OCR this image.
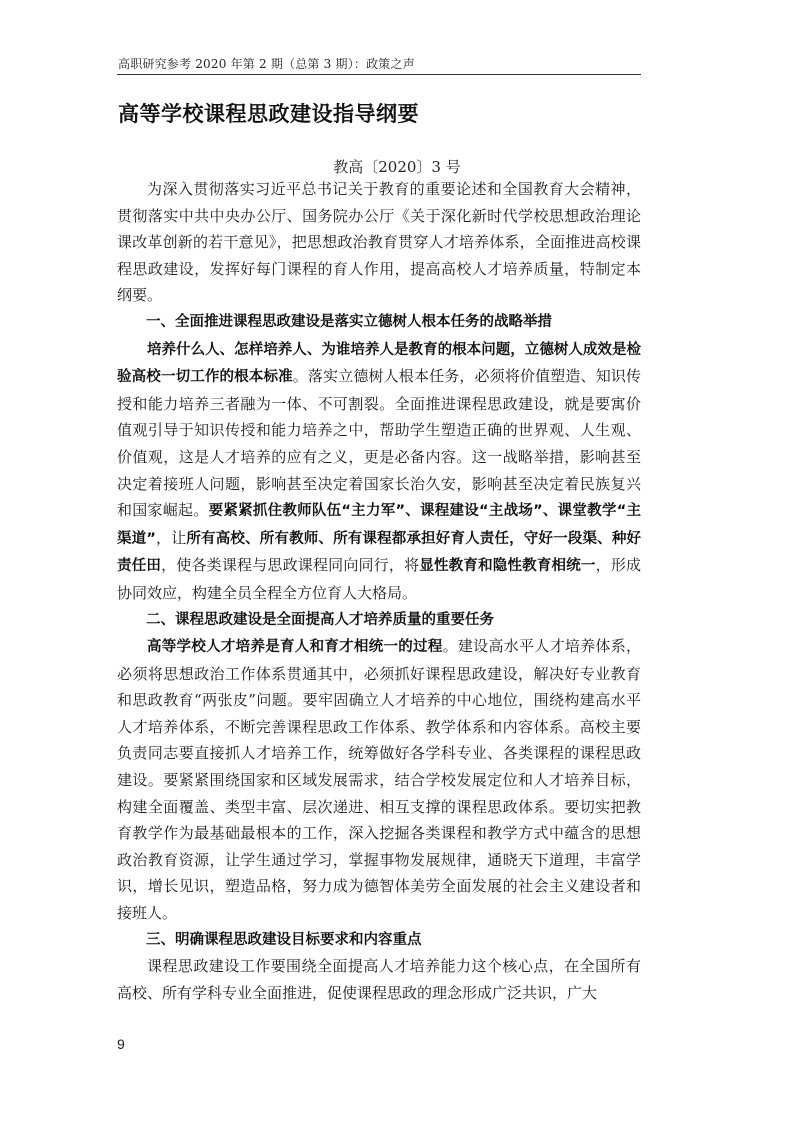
高职研究参考 2020 年第 2 期（总第 3 期）：政策之声
高等学校课程思政建设指导纲要
教高〔2020〕3 号

为深入贯彻落实习近平总书记关于教育的重要论述和全国教育大会精神，贯彻落实中共中央办公厅、国务院办公厅《关于深化新时代学校思想政治理论课改革创新的若干意见》，把思想政治教育贯穿人才培养体系，全面推进高校课程思政建设，发挥好每门课程的育人作用，提高高校人才培养质量，特制定本纲要。

一、全面推进课程思政建设是落实立德树人根本任务的战略举措

培养什么人、怎样培养人、为谁培养人是教育的根本问题，立德树人成效是检验高校一切工作的根本标准。落实立德树人根本任务，必须将价值塑造、知识传授和能力培养三者融为一体、不可割裂。全面推进课程思政建设，就是要寓价值观引导于知识传授和能力培养之中，帮助学生塑造正确的世界观、人生观、价值观，这是人才培养的应有之义，更是必备内容。这一战略举措，影响甚至决定着接班人问题，影响甚至决定着国家长治久安，影响甚至决定着民族复兴和国家崛起。要紧紧抓住教师队伍“主力军”、课程建设“主战场”、课堂教学“主渠道”，让所有高校、所有教师、所有课程都承担好育人责任，守好一段渠、种好责任田，使各类课程与思政课程同向同行，将显性教育和隐性教育相统一，形成协同效应，构建全员全程全方位育人大格局。

二、课程思政建设是全面提高人才培养质量的重要任务

高等学校人才培养是育人和育才相统一的过程。建设高水平人才培养体系，必须将思想政治工作体系贯通其中，必须抓好课程思政建设，解决好专业教育和思政教育“两张皮”问题。要牢固确立人才培养的中心地位，围绕构建高水平人才培养体系，不断完善课程思政工作体系、教学体系和内容体系。高校主要负责同志要直接抓人才培养工作，统筹做好各学科专业、各类课程的课程思政建设。要紧紧围绕国家和区域发展需求，结合学校发展定位和人才培养目标，构建全面覆盖、类型丰富、层次递进、相互支撑的课程思政体系。要切实把教育教学作为最基础最根本的工作，深入挖掘各类课程和教学方式中蕴含的思想政治教育资源，让学生通过学习，掌握事物发展规律，通晓天下道理，丰富学识，增长见识，塑造品格，努力成为德智体美劳全面发展的社会主义建设者和接班人。

三、明确课程思政建设目标要求和内容重点

课程思政建设工作要围绕全面提高人才培养能力这个核心点，在全国所有高校、所有学科专业全面推进，促使课程思政的理念形成广泛共识，广大

9
